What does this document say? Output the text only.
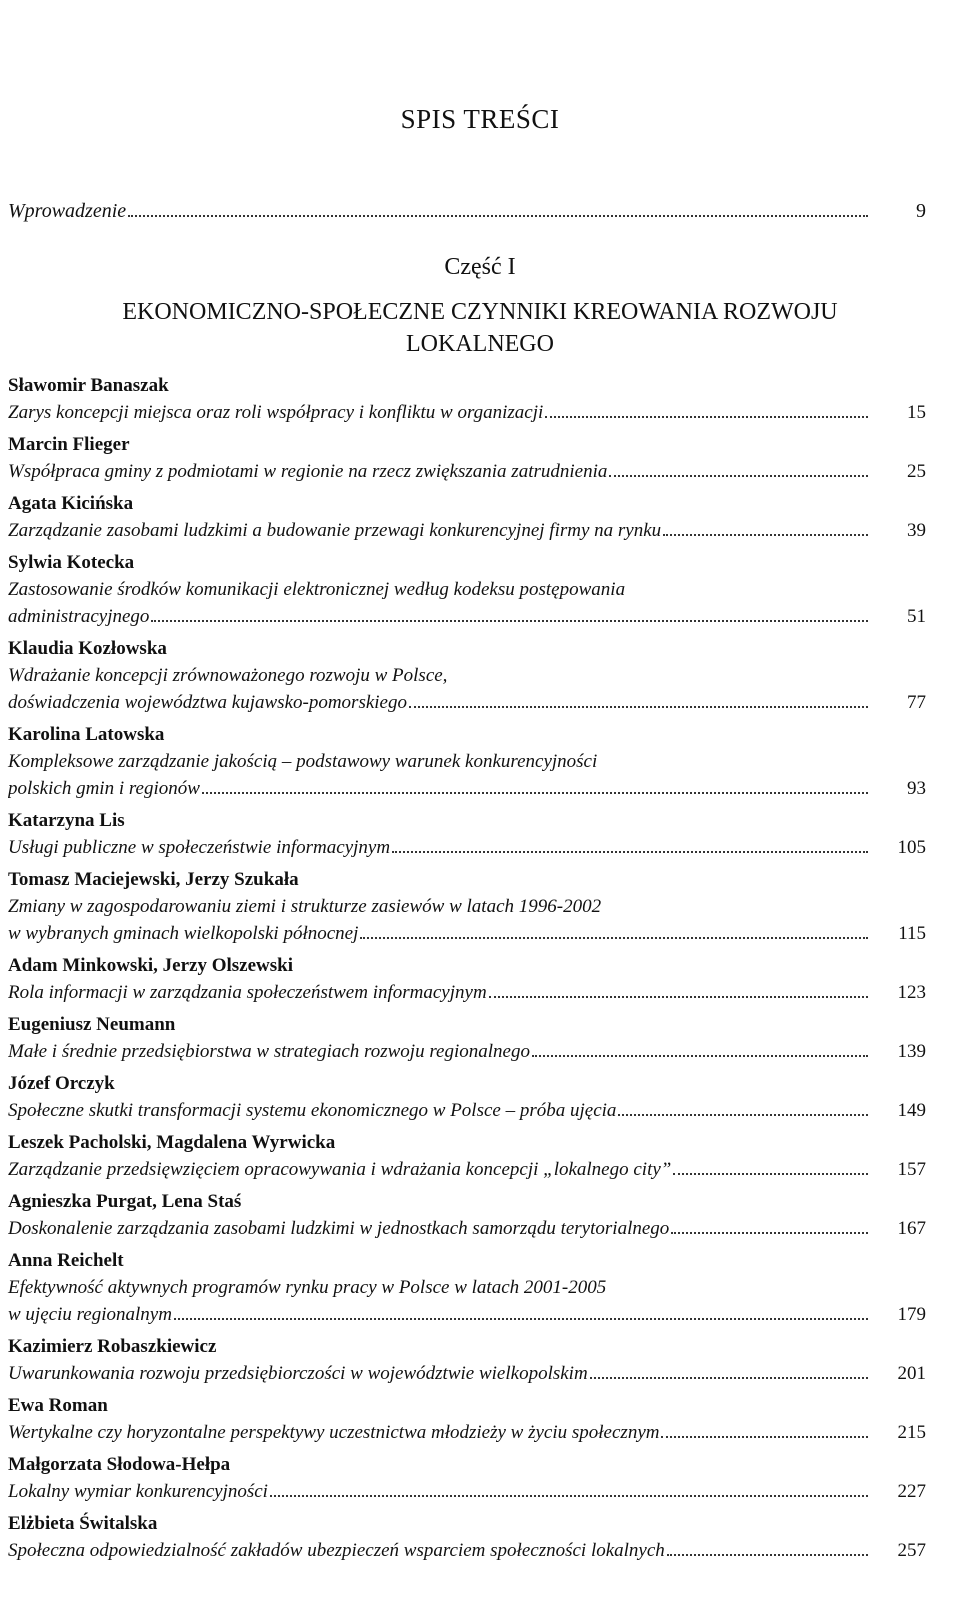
SPIS TREŚCI
Wprowadzenie	9
Część I
EKONOMICZNO-SPOŁECZNE CZYNNIKI KREOWANIA ROZWOJU
LOKALNEGO
Sławomir Banaszak
Zarys koncepcji miejsca oraz roli współpracy i konfliktu w organizacji	15
Marcin Flieger
Współpraca gminy z podmiotami w regionie na rzecz zwiększania zatrudnienia	25
Agata Kicińska
Zarządzanie zasobami ludzkimi a budowanie przewagi konkurencyjnej firmy na rynku	39
Sylwia Kotecka
Zastosowanie środków komunikacji elektronicznej według kodeksu postępowania
administracyjnego	51
Klaudia Kozłowska
Wdrażanie koncepcji zrównoważonego rozwoju w Polsce,
doświadczenia województwa kujawsko-pomorskiego	77
Karolina Latowska
Kompleksowe zarządzanie jakością – podstawowy warunek konkurencyjności
polskich gmin i regionów	93
Katarzyna Lis
Usługi publiczne w społeczeństwie informacyjnym	105
Tomasz Maciejewski, Jerzy Szukała
Zmiany w zagospodarowaniu ziemi i strukturze zasiewów w latach 1996-2002
w wybranych gminach wielkopolski północnej	115
Adam Minkowski, Jerzy Olszewski
Rola informacji w zarządzania społeczeństwem informacyjnym	123
Eugeniusz Neumann
Małe i średnie przedsiębiorstwa w strategiach rozwoju regionalnego	139
Józef Orczyk
Społeczne skutki transformacji systemu ekonomicznego w Polsce – próba ujęcia	149
Leszek Pacholski, Magdalena Wyrwicka
Zarządzanie przedsięwzięciem opracowywania i wdrażania koncepcji „lokalnego city”	157
Agnieszka Purgat, Lena Staś
Doskonalenie zarządzania zasobami ludzkimi w jednostkach samorządu terytorialnego	167
Anna Reichelt
Efektywność aktywnych programów rynku pracy w Polsce w latach 2001-2005
w ujęciu regionalnym	179
Kazimierz Robaszkiewicz
Uwarunkowania rozwoju przedsiębiorczości w województwie wielkopolskim	201
Ewa Roman
Wertykalne czy horyzontalne perspektywy uczestnictwa młodzieży w życiu społecznym	215
Małgorzata Słodowa-Hełpa
Lokalny wymiar konkurencyjności	227
Elżbieta Świtalska
Społeczna odpowiedzialność zakładów ubezpieczeń wsparciem społeczności lokalnych	257
